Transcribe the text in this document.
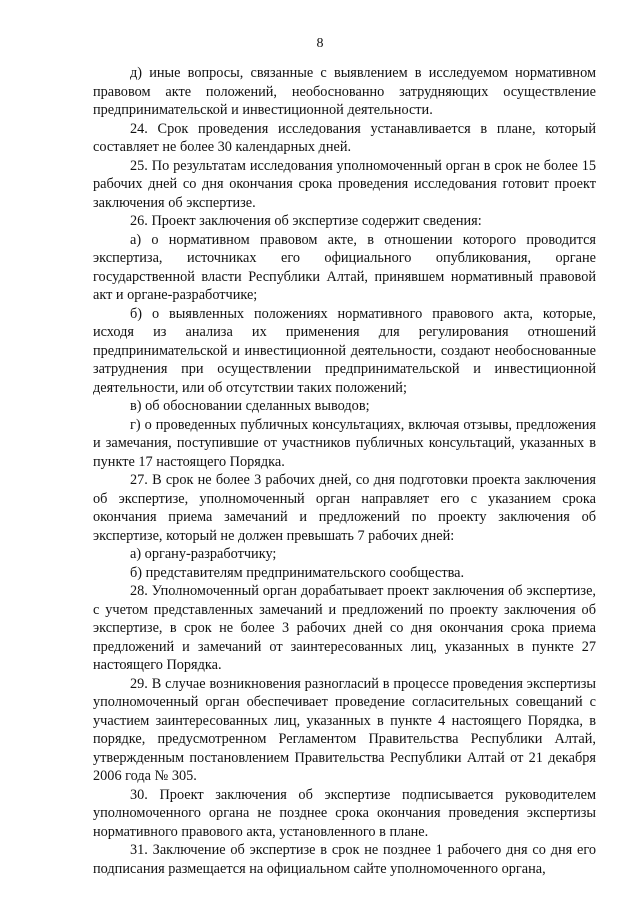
8

д) иные вопросы, связанные с выявлением в исследуемом нормативном правовом акте положений, необоснованно затрудняющих осуществление предпринимательской и инвестиционной деятельности.

24. Срок проведения исследования устанавливается в плане, который составляет не более 30 календарных дней.

25. По результатам исследования уполномоченный орган в срок не более 15 рабочих дней со дня окончания срока проведения исследования готовит проект заключения об экспертизе.

26. Проект заключения об экспертизе содержит сведения:

а) о нормативном правовом акте, в отношении которого проводится экспертиза, источниках его официального опубликования, органе государственной власти Республики Алтай, принявшем нормативный правовой акт и органе-разработчике;

б) о выявленных положениях нормативного правового акта, которые, исходя из анализа их применения для регулирования отношений предпринимательской и инвестиционной деятельности, создают необоснованные затруднения при осуществлении предпринимательской и инвестиционной деятельности, или об отсутствии таких положений;

в) об обосновании сделанных выводов;

г) о проведенных публичных консультациях, включая отзывы, предложения и замечания, поступившие от участников публичных консультаций, указанных в пункте 17 настоящего Порядка.

27. В срок не более 3 рабочих дней, со дня подготовки проекта заключения об экспертизе, уполномоченный орган направляет его с указанием срока окончания приема замечаний и предложений по проекту заключения об экспертизе, который не должен превышать 7 рабочих дней:

а) органу-разработчику;

б) представителям предпринимательского сообщества.

28. Уполномоченный орган дорабатывает проект заключения об экспертизе, с учетом представленных замечаний и предложений по проекту заключения об экспертизе, в срок не более 3 рабочих дней со дня окончания срока приема предложений и замечаний от заинтересованных лиц, указанных в пункте 27 настоящего Порядка.

29. В случае возникновения разногласий в процессе проведения экспертизы уполномоченный орган обеспечивает проведение согласительных совещаний с участием заинтересованных лиц, указанных в пункте 4 настоящего Порядка, в порядке, предусмотренном Регламентом Правительства Республики Алтай, утвержденным постановлением Правительства Республики Алтай от 21 декабря 2006 года № 305.

30. Проект заключения об экспертизе подписывается руководителем уполномоченного органа не позднее срока окончания проведения экспертизы нормативного правового акта, установленного в плане.

31. Заключение об экспертизе в срок не позднее 1 рабочего дня со дня его подписания размещается на официальном сайте уполномоченного органа,
